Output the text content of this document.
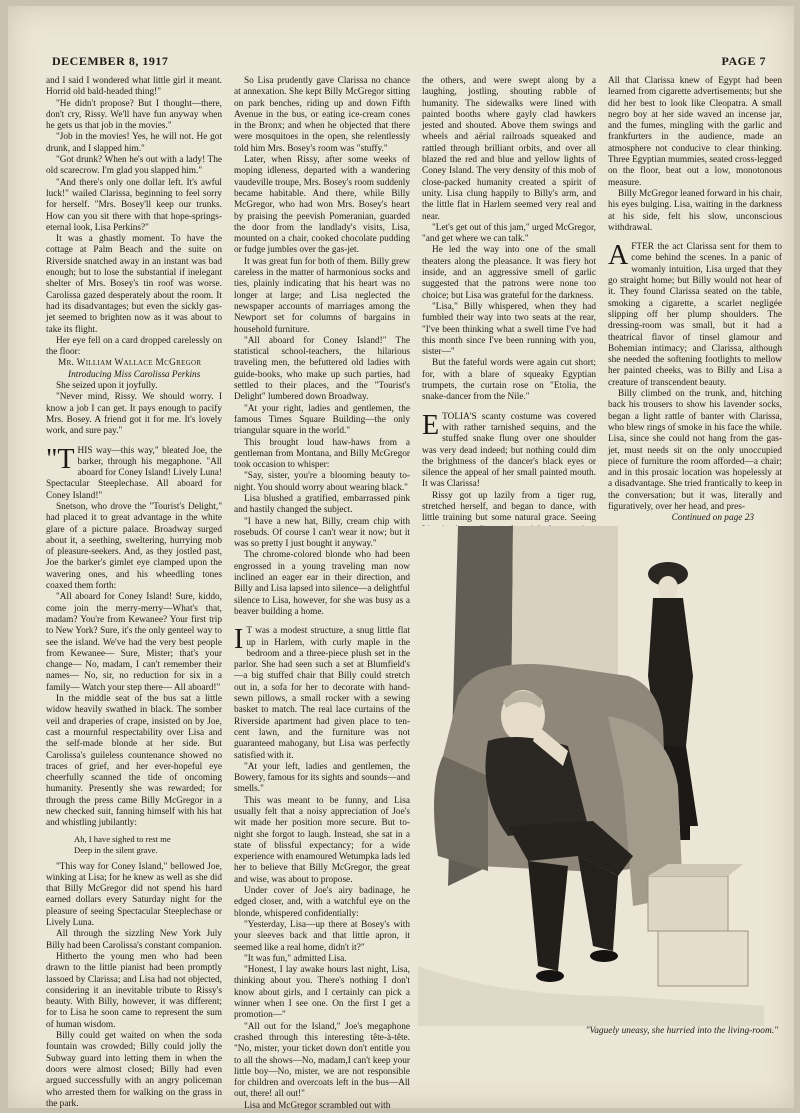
DECEMBER 8, 1917	PAGE 7

and I said I wondered what little girl it meant. Horrid old bald-headed thing!"

"He didn't propose? But I thought—there, don't cry, Rissy. We'll have fun anyway when he gets us that job in the movies."

"Job in the movies! Yes, he will not. He got drunk, and I slapped him."

"Got drunk? When he's out with a lady! The old scarecrow. I'm glad you slapped him."

"And there's only one dollar left. It's awful luck!" wailed Clarissa, beginning to feel sorry for herself. "Mrs. Bosey'll keep our trunks. How can you sit there with that hope-springs-eternal look, Lisa Perkins?"

It was a ghastly moment. To have the cottage at Palm Beach and the suite on Riverside snatched away in an instant was bad enough; but to lose the substantial if inelegant shelter of Mrs. Bosey's tin roof was worse. Carolissa gazed desperately about the room. It had its disadvantages; but even the sickly gas-jet seemed to brighten now as it was about to take its flight.

Her eye fell on a card dropped carelessly on the floor:

Mr. William Wallace McGregor
Introducing Miss Carolissa Perkins

She seized upon it joyfully.

"Never mind, Rissy. We should worry. I know a job I can get. It pays enough to pacify Mrs. Bosey. A friend got it for me. It's lovely work, and sure pay."

"THIS way—this way," bleated Joe, the barker, through his megaphone. "All aboard for Coney Island! Lively Luna! Spectacular Steeplechase. All aboard for Coney Island!"

Snetson, who drove the "Tourist's Delight," had placed it to great advantage in the white glare of a picture palace. Broadway surged about it, a seething, sweltering, hurrying mob of pleasure-seekers. And, as they jostled past, Joe the barker's gimlet eye clamped upon the wavering ones, and his wheedling tones coaxed them forth:

"All aboard for Coney Island! Sure, kiddo, come join the merry-merry—What's that, madam? You're from Kewanee? Your first trip to New York? Sure, it's the only genteel way to see the island. We've had the very best people from Kewanee— Sure, Mister; that's your change— No, madam, I can't remember their names— No, sir, no reduction for six in a family— Watch your step there— All aboard!"

In the middle seat of the bus sat a little widow heavily swathed in black. The somber veil and draperies of crape, insisted on by Joe, cast a mournful respectability over Lisa and the self-made blonde at her side. But Carolissa's guileless countenance showed no traces of grief, and her ever-hopeful eye cheerfully scanned the tide of oncoming humanity. Presently she was rewarded; for through the press came Billy McGregor in a new checked suit, fanning himself with his hat and whistling jubilantly:

Ah, I have sighed to rest me
Deep in the silent grave.

"This way for Coney Island," bellowed Joe, winking at Lisa; for he knew as well as she did that Billy McGregor did not spend his hard earned dollars every Saturday night for the pleasure of seeing Spectacular Steeplechase or Lively Luna.

All through the sizzling New York July Billy had been Carolissa's constant companion.

Hitherto the young men who had been drawn to the little pianist had been promptly lassoed by Clarissa; and Lisa had not objected, considering it an inevitable tribute to Rissy's beauty. With Billy, however, it was different; for to Lisa he soon came to represent the sum of human wisdom.

Billy could get waited on when the soda fountain was crowded; Billy could jolly the Subway guard into letting them in when the doors were almost closed; Billy had even argued successfully with an angry policeman who arrested them for walking on the grass in the park.

So Lisa prudently gave Clarissa no chance at annexation. She kept Billy McGregor sitting on park benches, riding up and down Fifth Avenue in the bus, or eating ice-cream cones in the Bronx; and when he objected that there were mosquitoes in the open, she relentlessly told him Mrs. Bosey's room was "stuffy."

Later, when Rissy, after some weeks of moping idleness, departed with a wandering vaudeville troupe, Mrs. Bosey's room suddenly became habitable. And there, while Billy McGregor, who had won Mrs. Bosey's heart by praising the peevish Pomeranian, guarded the door from the landlady's visits, Lisa, mounted on a chair, cooked chocolate pudding or fudge jumbles over the gas-jet.

It was great fun for both of them. Billy grew careless in the matter of harmonious socks and ties, plainly indicating that his heart was no longer at large; and Lisa neglected the newspaper accounts of marriages among the Newport set for columns of bargains in household furniture.

"All aboard for Coney Island!" The statistical school-teachers, the hilarious traveling men, the befuttered old ladies with guide-books, who make up such parties, had settled to their places, and the "Tourist's Delight" lumbered down Broadway.

"At your right, ladies and gentlemen, the famous Times Square Building—the only triangular square in the world."

This brought loud haw-haws from a gentleman from Montana, and Billy McGregor took occasion to whisper:

"Say, sister, you're a blooming beauty to-night. You should worry about wearing black."

Lisa blushed a gratified, embarrassed pink and hastily changed the subject.

"I have a new hat, Billy, cream chip with rosebuds. Of course I can't wear it now; but it was so pretty I just bought it anyway."

The chrome-colored blonde who had been engrossed in a young traveling man now inclined an eager ear in their direction, and Billy and Lisa lapsed into silence—a delightful silence to Lisa, however, for she was busy as a beaver building a home.

I T was a modest structure, a snug little flat up in Harlem, with curly maple in the bedroom and a three-piece plush set in the parlor. She had seen such a set at Blumfield's—a big stuffed chair that Billy could stretch out in, a sofa for her to decorate with hand-sewn pillows, a small rocker with a sewing basket to match. The real lace curtains of the Riverside apartment had given place to ten-cent lawn, and the furniture was not guaranteed mahogany, but Lisa was perfectly satisfied with it.

"At your left, ladies and gentlemen, the Bowery, famous for its sights and sounds—and smells."

This was meant to be funny, and Lisa usually felt that a noisy appreciation of Joe's wit made her position more secure. But to-night she forgot to laugh. Instead, she sat in a state of blissful expectancy; for a wide experience with enamoured Wetumpka lads led her to believe that Billy McGregor, the great and wise, was about to propose.

Under cover of Joe's airy badinage, he edged closer, and, with a watchful eye on the blonde, whispered confidentially:

"Yesterday, Lisa—up there at Bosey's with your sleeves back and that little apron, it seemed like a real home, didn't it?"

"It was fun," admitted Lisa.

"Honest, I lay awake hours last night, Lisa, thinking about you. There's nothing I don't know about girls, and I certainly can pick a winner when I see one. On the first I get a promotion—"

"All out for the Island," Joe's megaphone crashed through this interesting tête-à-tête. "No, mister, your ticket down don't entitle you to all the shows—No, madam,I can't keep your little boy—No, mister, we are not responsible for children and overcoats left in the bus—All out, there! all out!"

Lisa and McGregor scrambled out with

the others, and were swept along by a laughing, jostling, shouting rabble of humanity. The sidewalks were lined with painted booths where gayly clad hawkers jested and shouted. Above them swings and wheels and aërial railroads squeaked and rattled through brilliant orbits, and over all blazed the red and blue and yellow lights of Coney Island. The very density of this mob of close-packed humanity created a spirit of unity. Lisa clung happily to Billy's arm, and the little flat in Harlem seemed very real and near.

"Let's get out of this jam," urged McGregor, "and get where we can talk."

He led the way into one of the small theaters along the pleasance. It was fiery hot inside, and an aggressive smell of garlic suggested that the patrons were none too choice; but Lisa was grateful for the darkness.

"Lisa," Billy whispered, when they had fumbled their way into two seats at the rear, "I've been thinking what a swell time I've had this month since I've been running with you, sister—"

But the fateful words were again cut short; for, with a blare of squeaky Egyptian trumpets, the curtain rose on "Etolia, the snake-dancer from the Nile."

ETOLIA'S scanty costume was covered with rather tarnished sequins, and the stuffed snake flung over one shoulder was very dead indeed; but nothing could dim the brightness of the dancer's black eyes or silence the appeal of her small painted mouth. It was Clarissa!

Rissy got up lazily from a tiger rug, stretched herself, and began to dance, with little training but some natural grace. Seeing

All that Clarissa knew of Egypt had been learned from cigarette advertisements; but she did her best to look like Cleopatra. A small negro boy at her side waved an incense jar, and the fumes, mingling with the garlic and frankfurters in the audience, made an atmosphere not conducive to clear thinking. Three Egyptian mummies, seated cross-legged on the floor, beat out a low, monotonous measure.

Billy McGregor leaned forward in his chair, his eyes bulging. Lisa, waiting in the darkness at his side, felt his slow, unconscious withdrawal.

AFTER the act Clarissa sent for them to come behind the scenes. In a panic of womanly intuition, Lisa urged that they go straight home; but Billy would not hear of it. They found Clarissa seated on the table, smoking a cigarette, a scarlet negligée slipping off her plump shoulders. The dressing-room was small, but it had a theatrical flavor of tinsel glamour and Bohemian intimacy; and Clarissa, although she needed the softening footlights to mellow her painted cheeks, was to Billy and Lisa a creature of transcendent beauty.

Billy climbed on the trunk, and, hitching back his trousers to show his lavender socks, began a light rattle of banter with Clarissa, who blew rings of smoke in his face the while. Lisa, since she could not hang from the gas-jet, must needs sit on the only unoccupied piece of furniture the room afforded—a chair; and in this prosaic location was hopelessly at a disadvantage. She tried frantically to keep in the conversation; but it was, literally and figuratively, over her head, and pres-

Continued on page 23

"Vaguely uneasy, she hurried into the living-room."
